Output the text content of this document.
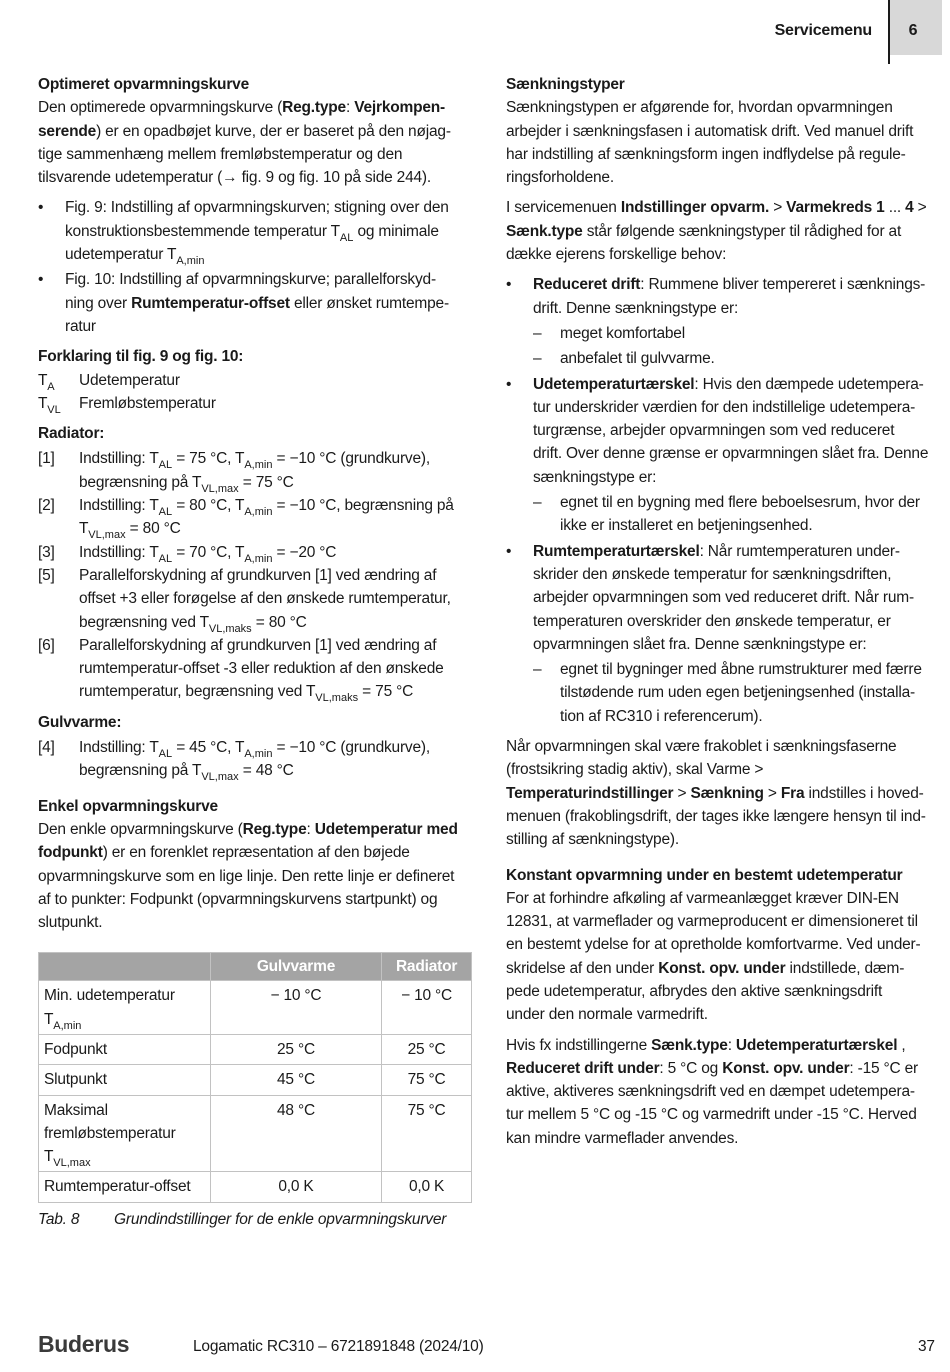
Servicemenu	6
Optimeret opvarmningskurve
Den optimerede opvarmningskurve (Reg.type: Vejrkompen-
serende) er en opadbøjet kurve, der er baseret på den nøjag-
tige sammenhæng mellem fremløbstemperatur og den
tilsvarende udetemperatur (→ fig. 9 og fig. 10 på side 244).
• Fig. 9: Indstilling af opvarmningskurven; stigning over den
konstruktionsbestemmende temperatur $T_{AL}$ og minimale
udetemperatur $T_{A,min}$
• Fig. 10: Indstilling af opvarmningskurve; parallelforskyd-
ning over Rumtemperatur-offset eller ønsket rumtempe-
ratur
Forklaring til fig. 9 og fig. 10:
$T_A$	Udetemperatur
$T_{VL}$	Fremløbstemperatur
Radiator:
[1]	Indstilling: $T_{AL} = 75$ °C, $T_{A,min} = -10$ °C (grundkurve),
begrænsning på $T_{VL,max} = 75$ °C
[2]	Indstilling: $T_{AL} = 80$ °C, $T_{A,min} = -10$ °C, begrænsning på
$T_{VL,max} = 80$ °C
[3]	Indstilling: $T_{AL} = 70$ °C, $T_{A,min} = -20$ °C
[5]	Parallelforskydning af grundkurven [1] ved ændring af
offset +3 eller forøgelse af den ønskede rumtemperatur,
begrænsning ved $T_{VL,maks} = 80$ °C
[6]	Parallelforskydning af grundkurven [1] ved ændring af
rumtemperatur-offset -3 eller reduktion af den ønskede
rumtemperatur, begrænsning ved $T_{VL,maks} = 75$ °C
Gulvvarme:
[4]	Indstilling: $T_{AL} = 45$ °C, $T_{A,min} = -10$ °C (grundkurve),
begrænsning på $T_{VL,max} = 48$ °C
Enkel opvarmningskurve
Den enkle opvarmningskurve (Reg.type: Udetemperatur med
fodpunkt) er en forenklet repræsentation af den bøjede
opvarmningskurve som en lige linje. Den rette linje er defineret
af to punkter: Fodpunkt (opvarmningskurvens startpunkt) og
slutpunkt.
	Gulvvarme	Radiator

Min. udetemperatur
$T_{A,min}$	− 10 °C	− 10 °C
Fodpunkt	25 °C	25 °C
Slutpunkt	45 °C	75 °C

Maksimal
fremløbstemperatur
$T_{VL,max}$	48 °C	75 °C
Rumtemperatur-offset	0,0 K	0,0 K
Tab. 8	Grundindstillinger for de enkle opvarmningskurver
Sænkningstyper
Sænkningstypen er afgørende for, hvordan opvarmningen
arbejder i sænkningsfasen i automatisk drift. Ved manuel drift
har indstilling af sænkningsform ingen indflydelse på regule-
ringsforholdene.
I servicemenuen Indstillinger opvarm. > Varmekreds 1 ... 4 >
Sænk.type står følgende sænkningstyper til rådighed for at
dække ejerens forskellige behov:
• Reduceret drift: Rummene bliver tempereret i sænknings-
drift. Denne sænkningstype er:
– meget komfortabel
– anbefalet til gulvvarme.
• Udetemperaturtærskel: Hvis den dæmpede udetempera-
tur underskrider værdien for den indstillelige udetempera-
turgrænse, arbejder opvarmningen som ved reduceret
drift. Over denne grænse er opvarmningen slået fra. Denne
sænkningstype er:
– egnet til en bygning med flere beboelsesrum, hvor der
ikke er installeret en betjeningsenhed.
• Rumtemperaturtærskel: Når rumtemperaturen under-
skrider den ønskede temperatur for sænkningsdriften,
arbejder opvarmningen som ved reduceret drift. Når rum-
temperaturen overskrider den ønskede temperatur, er
opvarmningen slået fra. Denne sænkningstype er:
– egnet til bygninger med åbne rumstrukturer med færre
tilstødende rum uden egen betjeningsenhed (installa-
tion af RC310 i referencerum).
Når opvarmningen skal være frakoblet i sænkningsfaserne
(frostsikring stadig aktiv), skal Varme >
Temperaturindstillinger > Sænkning > Fra indstilles i hoved-
menuen (frakoblingsdrift, der tages ikke længere hensyn til ind-
stilling af sænkningstype).
Konstant opvarmning under en bestemt udetemperatur
For at forhindre afkøling af varmeanlægget kræver DIN-EN
12831, at varmeflader og varmeproducent er dimensioneret til
en bestemt ydelse for at opretholde komfortvarme. Ved under-
skridelse af den under Konst. opv. under indstillede, dæm-
pede udetemperatur, afbrydes den aktive sænkningsdrift
under den normale varmedrift.
Hvis fx indstillingerne Sænk.type: Udetemperaturtærskel ,
Reduceret drift under: 5 °C og Konst. opv. under: -15 °C er
aktive, aktiveres sænkningsdrift ved en dæmpet udetempera-
tur mellem 5 °C og -15 °C og varmedrift under -15 °C. Herved
kan mindre varmeflader anvendes.
Buderus	Logamatic RC310 – 6721891848 (2024/10)	37
